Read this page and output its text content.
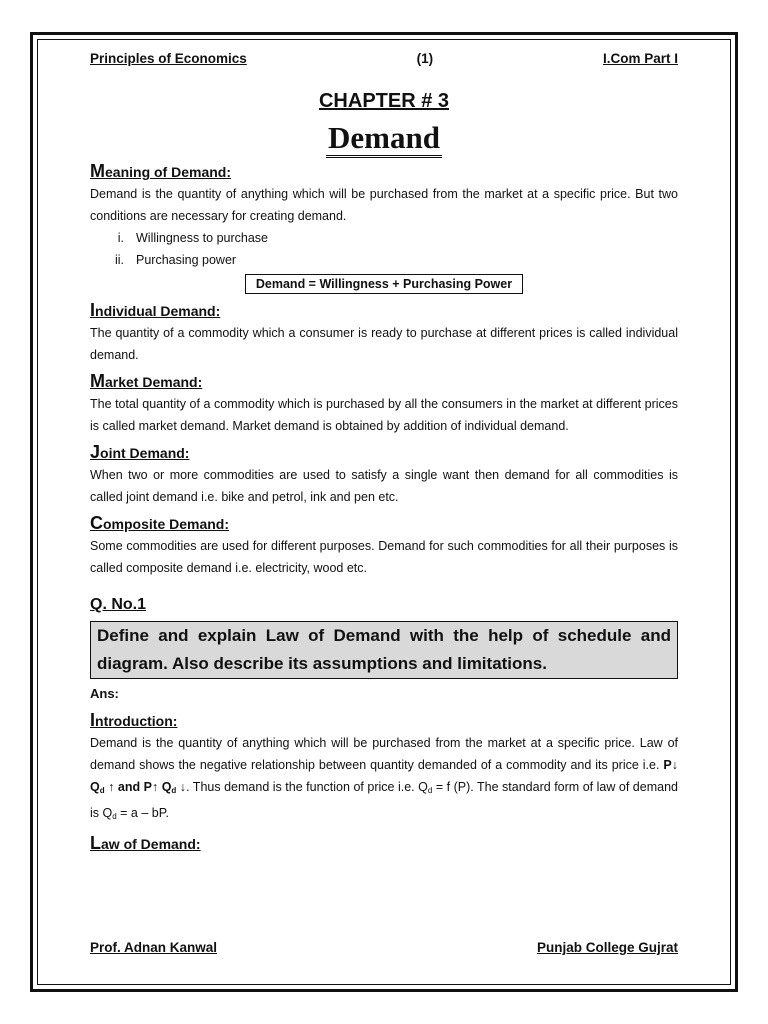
Principles of Economics	(1)	I.Com Part I
CHAPTER # 3
Demand
Meaning of Demand:

Demand is the quantity of anything which will be purchased from the market at a specific price. But two conditions are necessary for creating demand.

i. Willingness to purchase
ii. Purchasing power
Demand = Willingness + Purchasing Power
Individual Demand:

The quantity of a commodity which a consumer is ready to purchase at different prices is called individual demand.

Market Demand:

The total quantity of a commodity which is purchased by all the consumers in the market at different prices is called market demand. Market demand is obtained by addition of individual demand.

Joint Demand:

When two or more commodities are used to satisfy a single want then demand for all commodities is called joint demand i.e. bike and petrol, ink and pen etc.

Composite Demand:

Some commodities are used for different purposes. Demand for such commodities for all their purposes is called composite demand i.e. electricity, wood etc.

Q. No.1
Define and explain Law of Demand with the help of schedule and diagram. Also describe its assumptions and limitations.
Ans:
Introduction:

Demand is the quantity of anything which will be purchased from the market at a specific price. Law of demand shows the negative relationship between quantity demanded of a commodity and its price i.e. P↓ $Q_d$ ↑ and P↑ $Q_d$ ↓. Thus demand is the function of price i.e. $Q_d = f$ (P). The standard form of law of demand is $Q_d = a$ – bP.

Law of Demand:
Prof. Adnan Kanwal	Punjab College Gujrat
